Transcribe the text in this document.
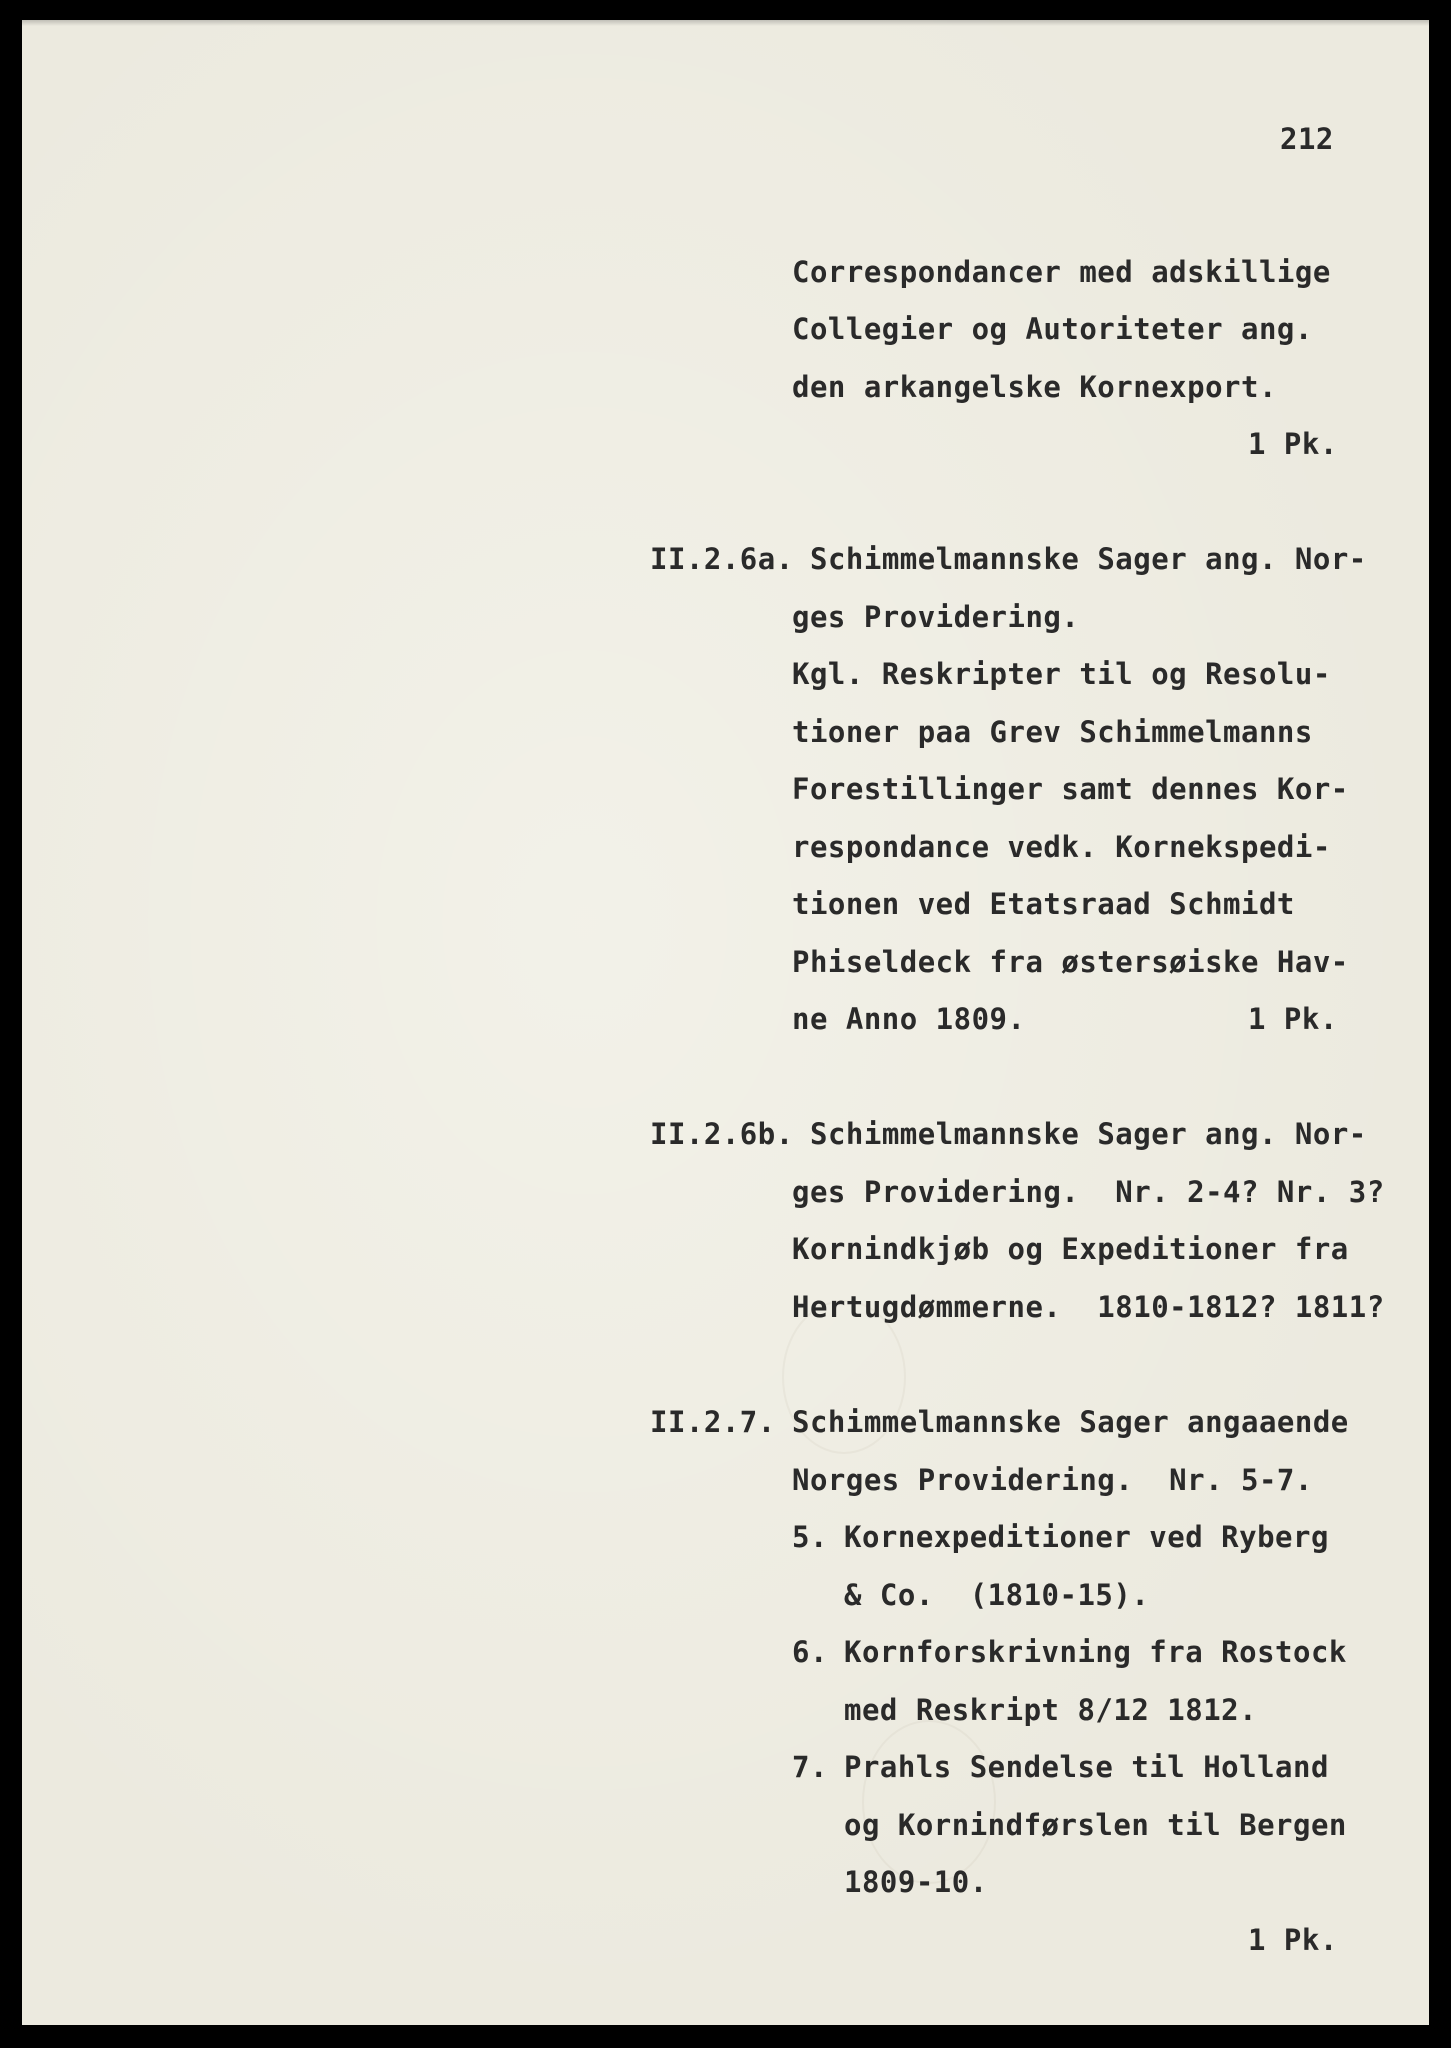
212
Correspondancer med adskillige
Collegier og Autoriteter ang.
den arkangelske Kornexport.
1 Pk.
II.2.6a. Schimmelmannske Sager ang. Nor-
ges Providering.
Kgl. Reskripter til og Resolu-
tioner paa Grev Schimmelmanns
Forestillinger samt dennes Kor-
respondance vedk. Kornekspedi-
tionen ved Etatsraad Schmidt
Phiseldeck fra østersøiske Hav-
ne Anno 1809.	1 Pk.
II.2.6b. Schimmelmannske Sager ang. Nor-
ges Providering.  Nr. 2-4? Nr. 3?
Kornindkjøb og Expeditioner fra
Hertugdømmerne.  1810-1812? 1811?
II.2.7. Schimmelmannske Sager angaaende
Norges Providering.  Nr. 5-7.
5. Kornexpeditioner ved Ryberg
& Co.  (1810-15).
6. Kornforskrivning fra Rostock
med Reskript 8/12 1812.
7. Prahls Sendelse til Holland
og Kornindførslen til Bergen
1809-10.
1 Pk.
